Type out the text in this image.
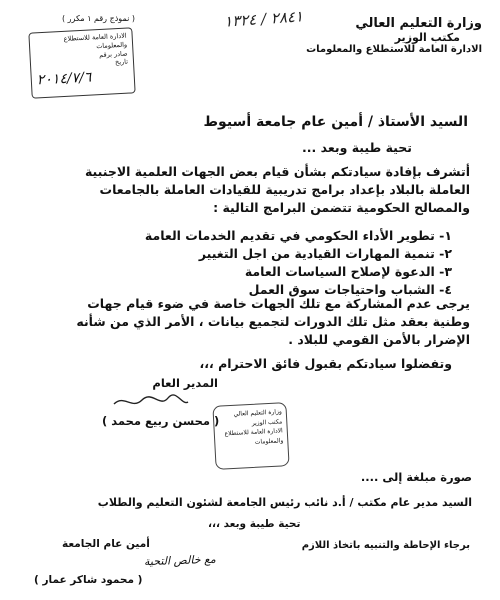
وزارة التعليم العالي
مكتب الوزير
الادارة العامة للاستطلاع والمعلومات
٢٨٤١ / ١٣٢٤
( نموذج رقم ١ مكرر )
الادارة العامة للاستطلاع والمعلومات
صادر برقم
تاريخ
٢٠١٤/٧/٦
السيد الأستاذ / أمين عام جامعة أسيوط
تحية طيبة وبعد ...
أتشرف بإفادة سيادتكم بشأن قيام بعض الجهات العلمية الاجنبية
العاملة بالبلاد بإعداد برامج تدريبية للقيادات العاملة بالجامعات
والمصالح الحكومية تتضمن البرامج التالية :
١- تطوير الأداء الحكومي في تقديم الخدمات العامة
٢- تنمية المهارات القيادية من اجل التغيير
٣- الدعوة لإصلاح السياسات العامة
٤- الشباب واحتياجات سوق العمل
يرجى عدم المشاركة مع تلك الجهات خاصة في ضوء قيام جهات
وطنية بعقد مثل تلك الدورات لتجميع بيانات ، الأمر الذي من شأنه
الإضرار بالأمن القومي للبلاد .
وتفضلوا سيادتكم بقبول فائق الاحترام ،،،
المدير العام
( محسن ربيع محمد )
وزارة التعليم العالي
مكتب الوزير
الادارة العامة للاستطلاع والمعلومات
صورة مبلغة إلى ....
السيد مدير عام مكتب / أ.د نائب رئيس الجامعة لشئون التعليم والطلاب
تحية طيبة وبعد ،،،
برجاء الإحاطة والتنبيه باتخاذ اللازم
أمين عام الجامعة
مع خالص التحية
( محمود شاكر عمار )
